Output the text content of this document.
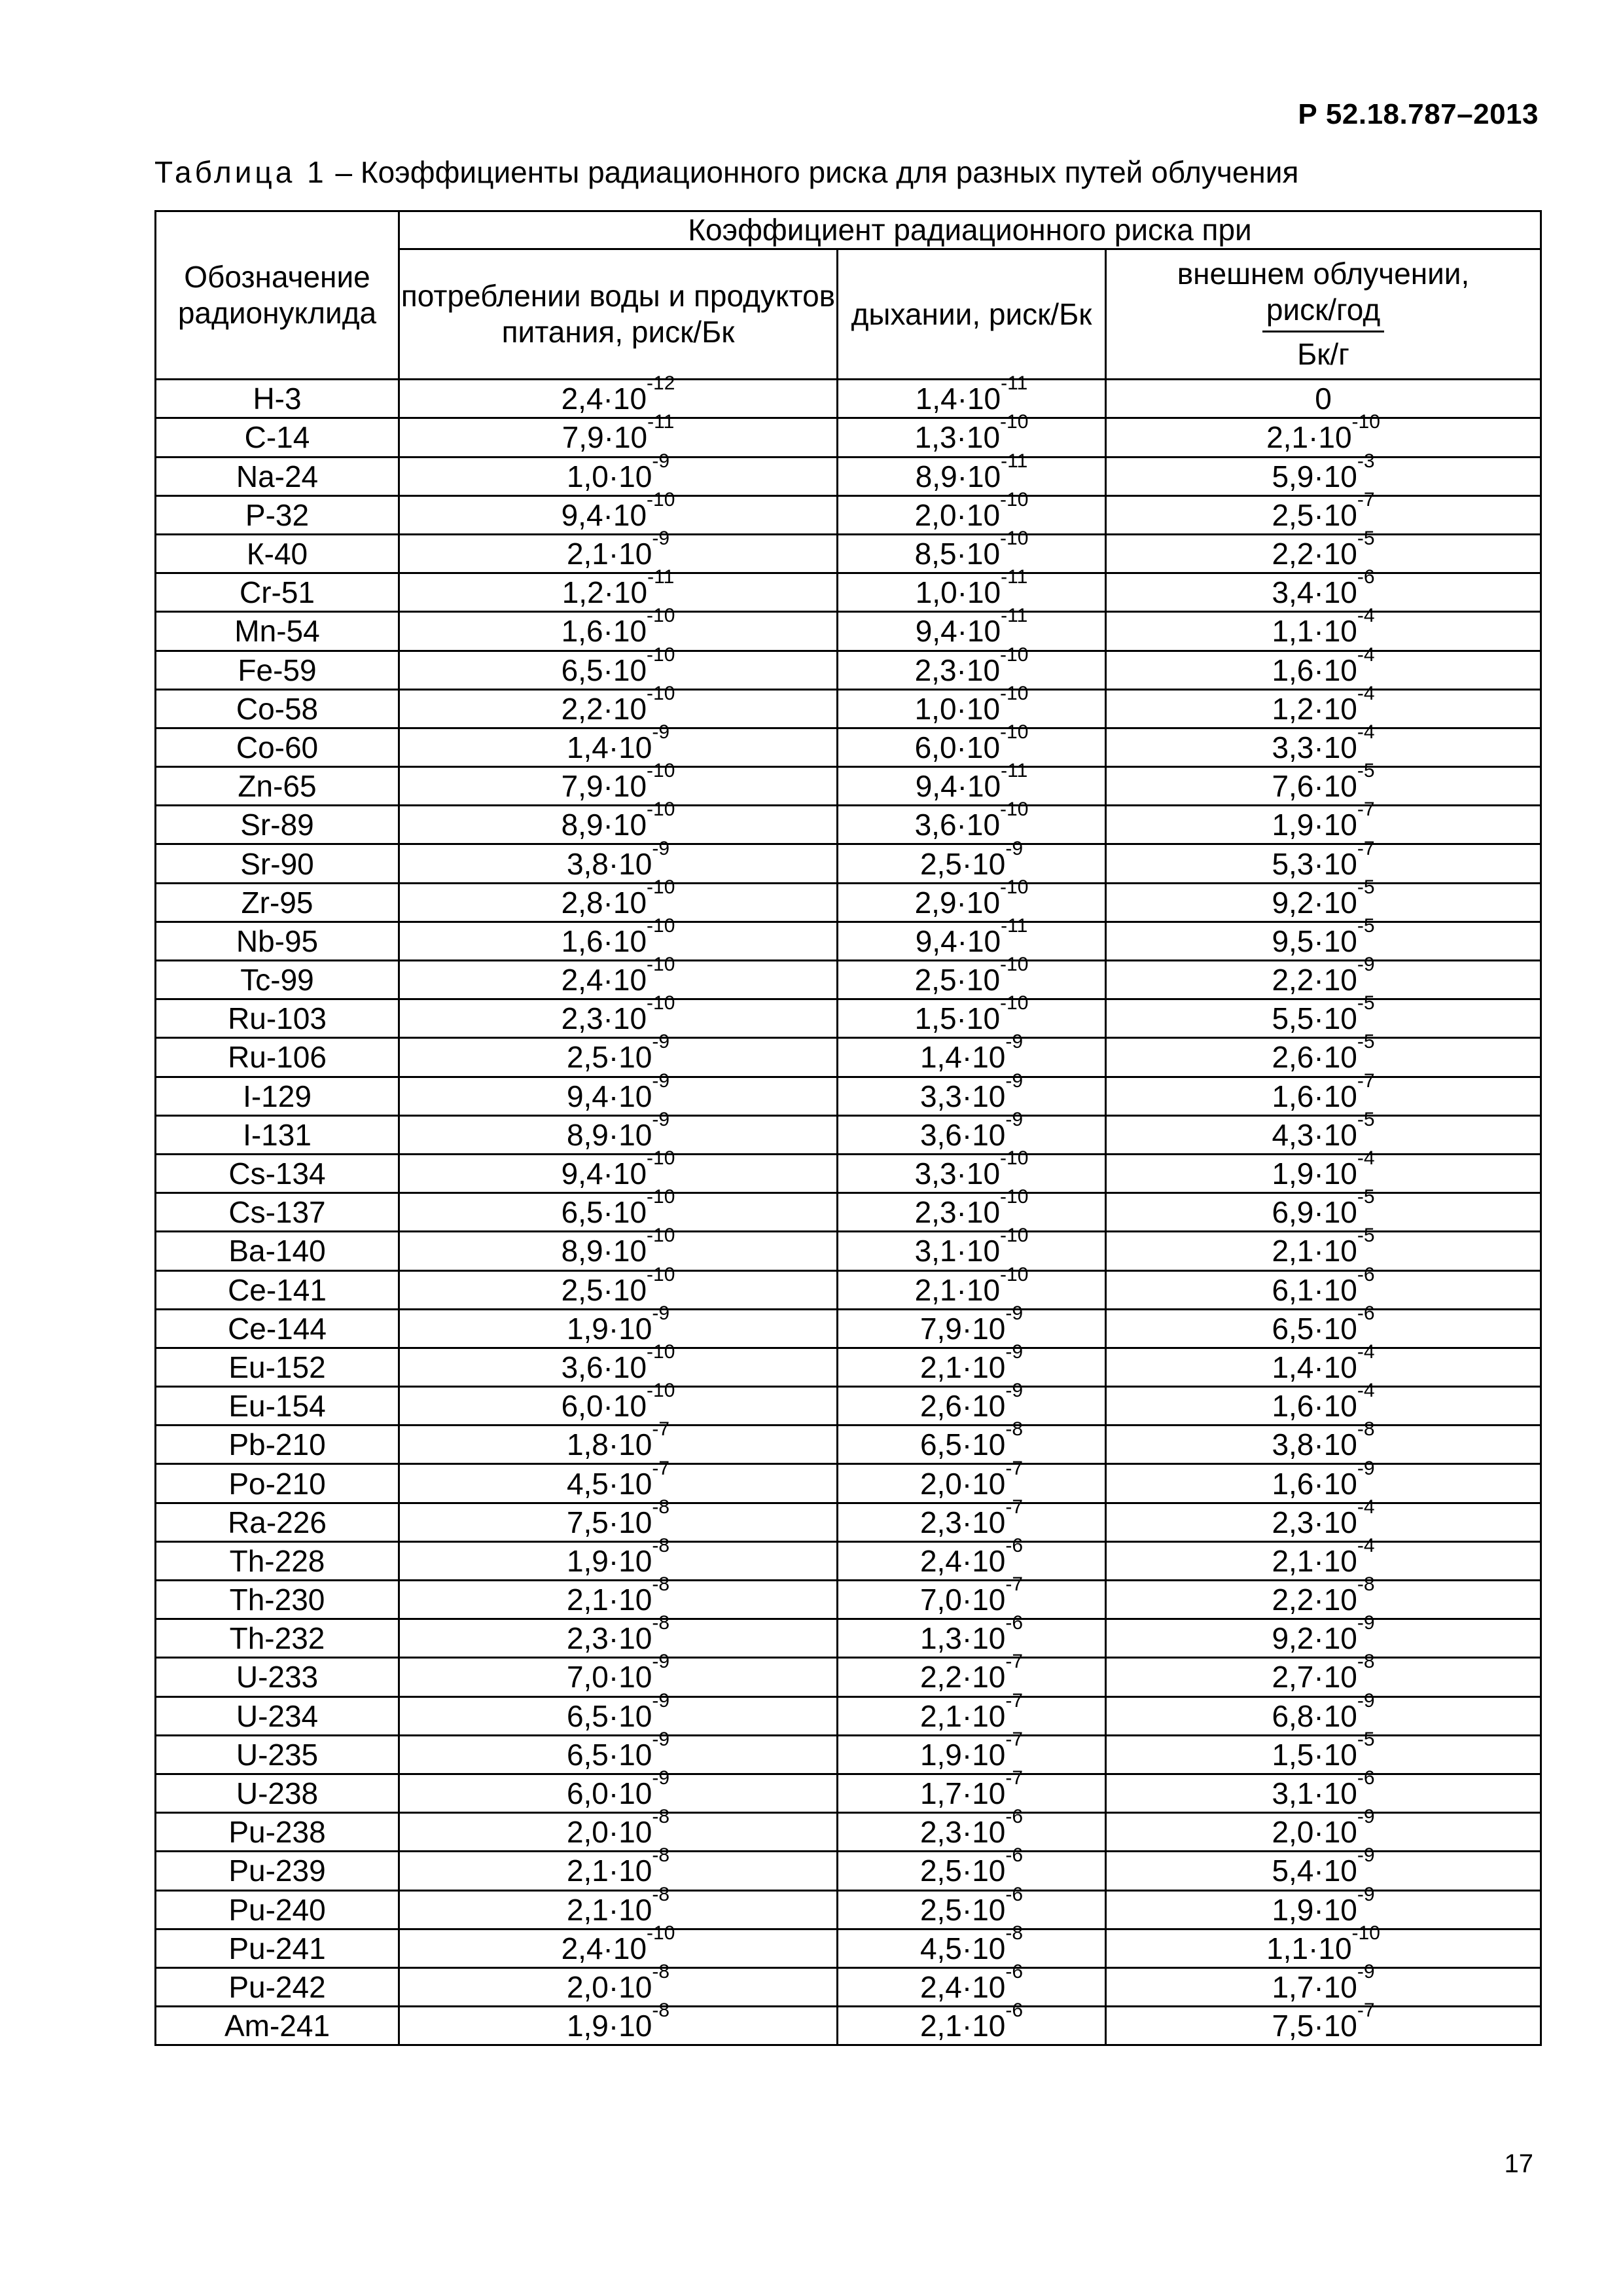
Р 52.18.787–2013
Таблица 1 – Коэффициенты радиационного риска для разных путей облучения
Обозначение радионуклида	Коэффициент радиационного риска при		
	потреблении воды и продуктов питания, риск/Бк	дыхании, риск/Бк	внешнем облучении,

$\frac{\text{риск/год}}{Бк/г}$

Н-3	$2,4\cdot 10^{-12}$	$1,4\cdot 10^{-11}$	0
С-14	$7,9\cdot 10^{-11}$	$1,3\cdot 10^{-10}$	$2,1\cdot 10^{-10}$
Na-24	$1,0\cdot 10^{-9}$	$8,9\cdot 10^{-11}$	$5,9\cdot 10^{-3}$
Р-32	$9,4\cdot 10^{-10}$	$2,0\cdot 10^{-10}$	$2,5\cdot 10^{-7}$
К-40	$2,1\cdot 10^{-9}$	$8,5\cdot 10^{-10}$	$2,2\cdot 10^{-5}$
Cr-51	$1,2\cdot 10^{-11}$	$1,0\cdot 10^{-11}$	$3,4\cdot 10^{-6}$
Mn-54	$1,6\cdot 10^{-10}$	$9,4\cdot 10^{-11}$	$1,1\cdot 10^{-4}$
Fe-59	$6,5\cdot 10^{-10}$	$2,3\cdot 10^{-10}$	$1,6\cdot 10^{-4}$
Co-58	$2,2\cdot 10^{-10}$	$1,0\cdot 10^{-10}$	$1,2\cdot 10^{-4}$
Co-60	$1,4\cdot 10^{-9}$	$6,0\cdot 10^{-10}$	$3,3\cdot 10^{-4}$
Zn-65	$7,9\cdot 10^{-10}$	$9,4\cdot 10^{-11}$	$7,6\cdot 10^{-5}$
Sr-89	$8,9\cdot 10^{-10}$	$3,6\cdot 10^{-10}$	$1,9\cdot 10^{-7}$
Sr-90	$3,8\cdot 10^{-9}$	$2,5\cdot 10^{-9}$	$5,3\cdot 10^{-7}$
Zr-95	$2,8\cdot 10^{-10}$	$2,9\cdot 10^{-10}$	$9,2\cdot 10^{-5}$
Nb-95	$1,6\cdot 10^{-10}$	$9,4\cdot 10^{-11}$	$9,5\cdot 10^{-5}$
Tc-99	$2,4\cdot 10^{-10}$	$2,5\cdot 10^{-10}$	$2,2\cdot 10^{-9}$
Ru-103	$2,3\cdot 10^{-10}$	$1,5\cdot 10^{-10}$	$5,5\cdot 10^{-5}$
Ru-106	$2,5\cdot 10^{-9}$	$1,4\cdot 10^{-9}$	$2,6\cdot 10^{-5}$
I-129	$9,4\cdot 10^{-9}$	$3,3\cdot 10^{-9}$	$1,6\cdot 10^{-7}$
I-131	$8,9\cdot 10^{-9}$	$3,6\cdot 10^{-9}$	$4,3\cdot 10^{-5}$
Cs-134	$9,4\cdot 10^{-10}$	$3,3\cdot 10^{-10}$	$1,9\cdot 10^{-4}$
Cs-137	$6,5\cdot 10^{-10}$	$2,3\cdot 10^{-10}$	$6,9\cdot 10^{-5}$
Ba-140	$8,9\cdot 10^{-10}$	$3,1\cdot 10^{-10}$	$2,1\cdot 10^{-5}$
Ce-141	$2,5\cdot 10^{-10}$	$2,1\cdot 10^{-10}$	$6,1\cdot 10^{-6}$
Ce-144	$1,9\cdot 10^{-9}$	$7,9\cdot 10^{-9}$	$6,5\cdot 10^{-6}$
Eu-152	$3,6\cdot 10^{-10}$	$2,1\cdot 10^{-9}$	$1,4\cdot 10^{-4}$
Eu-154	$6,0\cdot 10^{-10}$	$2,6\cdot 10^{-9}$	$1,6\cdot 10^{-4}$
Pb-210	$1,8\cdot 10^{-7}$	$6,5\cdot 10^{-8}$	$3,8\cdot 10^{-8}$
Po-210	$4,5\cdot 10^{-7}$	$2,0\cdot 10^{-7}$	$1,6\cdot 10^{-9}$
Ra-226	$7,5\cdot 10^{-8}$	$2,3\cdot 10^{-7}$	$2,3\cdot 10^{-4}$
Th-228	$1,9\cdot 10^{-8}$	$2,4\cdot 10^{-6}$	$2,1\cdot 10^{-4}$
Th-230	$2,1\cdot 10^{-8}$	$7,0\cdot 10^{-7}$	$2,2\cdot 10^{-8}$
Th-232	$2,3\cdot 10^{-8}$	$1,3\cdot 10^{-6}$	$9,2\cdot 10^{-9}$
U-233	$7,0\cdot 10^{-9}$	$2,2\cdot 10^{-7}$	$2,7\cdot 10^{-8}$
U-234	$6,5\cdot 10^{-9}$	$2,1\cdot 10^{-7}$	$6,8\cdot 10^{-9}$
U-235	$6,5\cdot 10^{-9}$	$1,9\cdot 10^{-7}$	$1,5\cdot 10^{-5}$
U-238	$6,0\cdot 10^{-9}$	$1,7\cdot 10^{-7}$	$3,1\cdot 10^{-6}$
Pu-238	$2,0\cdot 10^{-8}$	$2,3\cdot 10^{-6}$	$2,0\cdot 10^{-9}$
Pu-239	$2,1\cdot 10^{-8}$	$2,5\cdot 10^{-6}$	$5,4\cdot 10^{-9}$
Pu-240	$2,1\cdot 10^{-8}$	$2,5\cdot 10^{-6}$	$1,9\cdot 10^{-9}$
Pu-241	$2,4\cdot 10^{-10}$	$4,5\cdot 10^{-8}$	$1,1\cdot 10^{-10}$
Pu-242	$2,0\cdot 10^{-8}$	$2,4\cdot 10^{-6}$	$1,7\cdot 10^{-9}$
Am-241	$1,9\cdot 10^{-8}$	$2,1\cdot 10^{-6}$	$7,5\cdot 10^{-7}$
17
